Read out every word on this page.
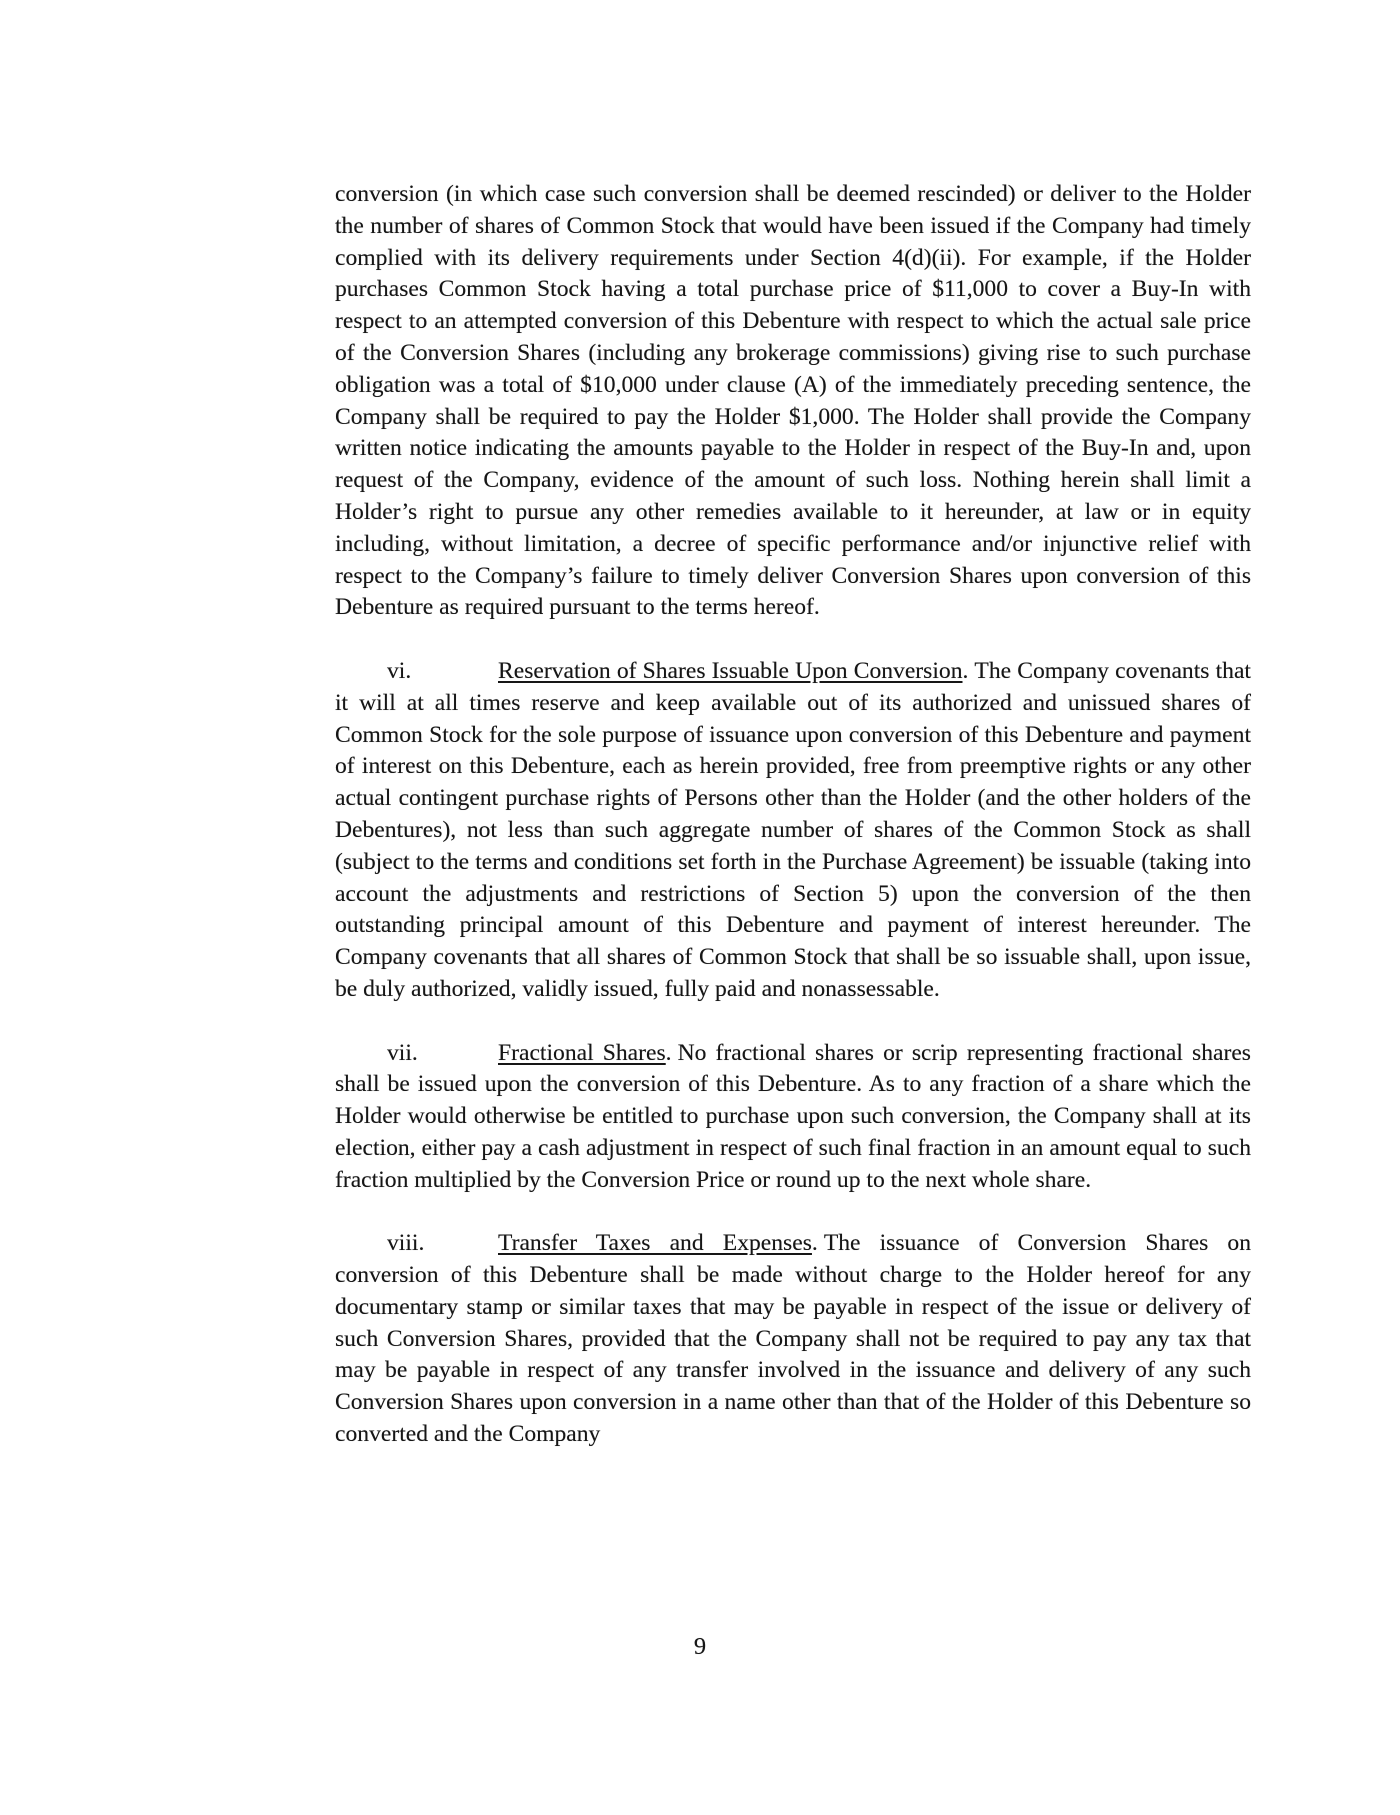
conversion (in which case such conversion shall be deemed rescinded) or deliver to the Holder the number of shares of Common Stock that would have been issued if the Company had timely complied with its delivery requirements under Section 4(d)(ii). For example, if the Holder purchases Common Stock having a total purchase price of $11,000 to cover a Buy-In with respect to an attempted conversion of this Debenture with respect to which the actual sale price of the Conversion Shares (including any brokerage commissions) giving rise to such purchase obligation was a total of $10,000 under clause (A) of the immediately preceding sentence, the Company shall be required to pay the Holder $1,000. The Holder shall provide the Company written notice indicating the amounts payable to the Holder in respect of the Buy-In and, upon request of the Company, evidence of the amount of such loss. Nothing herein shall limit a Holder’s right to pursue any other remedies available to it hereunder, at law or in equity including, without limitation, a decree of specific performance and/or injunctive relief with respect to the Company’s failure to timely deliver Conversion Shares upon conversion of this Debenture as required pursuant to the terms hereof.

vi.	Reservation of Shares Issuable Upon Conversion. The Company covenants that it will at all times reserve and keep available out of its authorized and unissued shares of Common Stock for the sole purpose of issuance upon conversion of this Debenture and payment of interest on this Debenture, each as herein provided, free from preemptive rights or any other actual contingent purchase rights of Persons other than the Holder (and the other holders of the Debentures), not less than such aggregate number of shares of the Common Stock as shall (subject to the terms and conditions set forth in the Purchase Agreement) be issuable (taking into account the adjustments and restrictions of Section 5) upon the conversion of the then outstanding principal amount of this Debenture and payment of interest hereunder. The Company covenants that all shares of Common Stock that shall be so issuable shall, upon issue, be duly authorized, validly issued, fully paid and nonassessable.

vii.	Fractional Shares. No fractional shares or scrip representing fractional shares shall be issued upon the conversion of this Debenture. As to any fraction of a share which the Holder would otherwise be entitled to purchase upon such conversion, the Company shall at its election, either pay a cash adjustment in respect of such final fraction in an amount equal to such fraction multiplied by the Conversion Price or round up to the next whole share.

viii.	Transfer Taxes and Expenses. The issuance of Conversion Shares on conversion of this Debenture shall be made without charge to the Holder hereof for any documentary stamp or similar taxes that may be payable in respect of the issue or delivery of such Conversion Shares, provided that the Company shall not be required to pay any tax that may be payable in respect of any transfer involved in the issuance and delivery of any such Conversion Shares upon conversion in a name other than that of the Holder of this Debenture so converted and the Company

9
